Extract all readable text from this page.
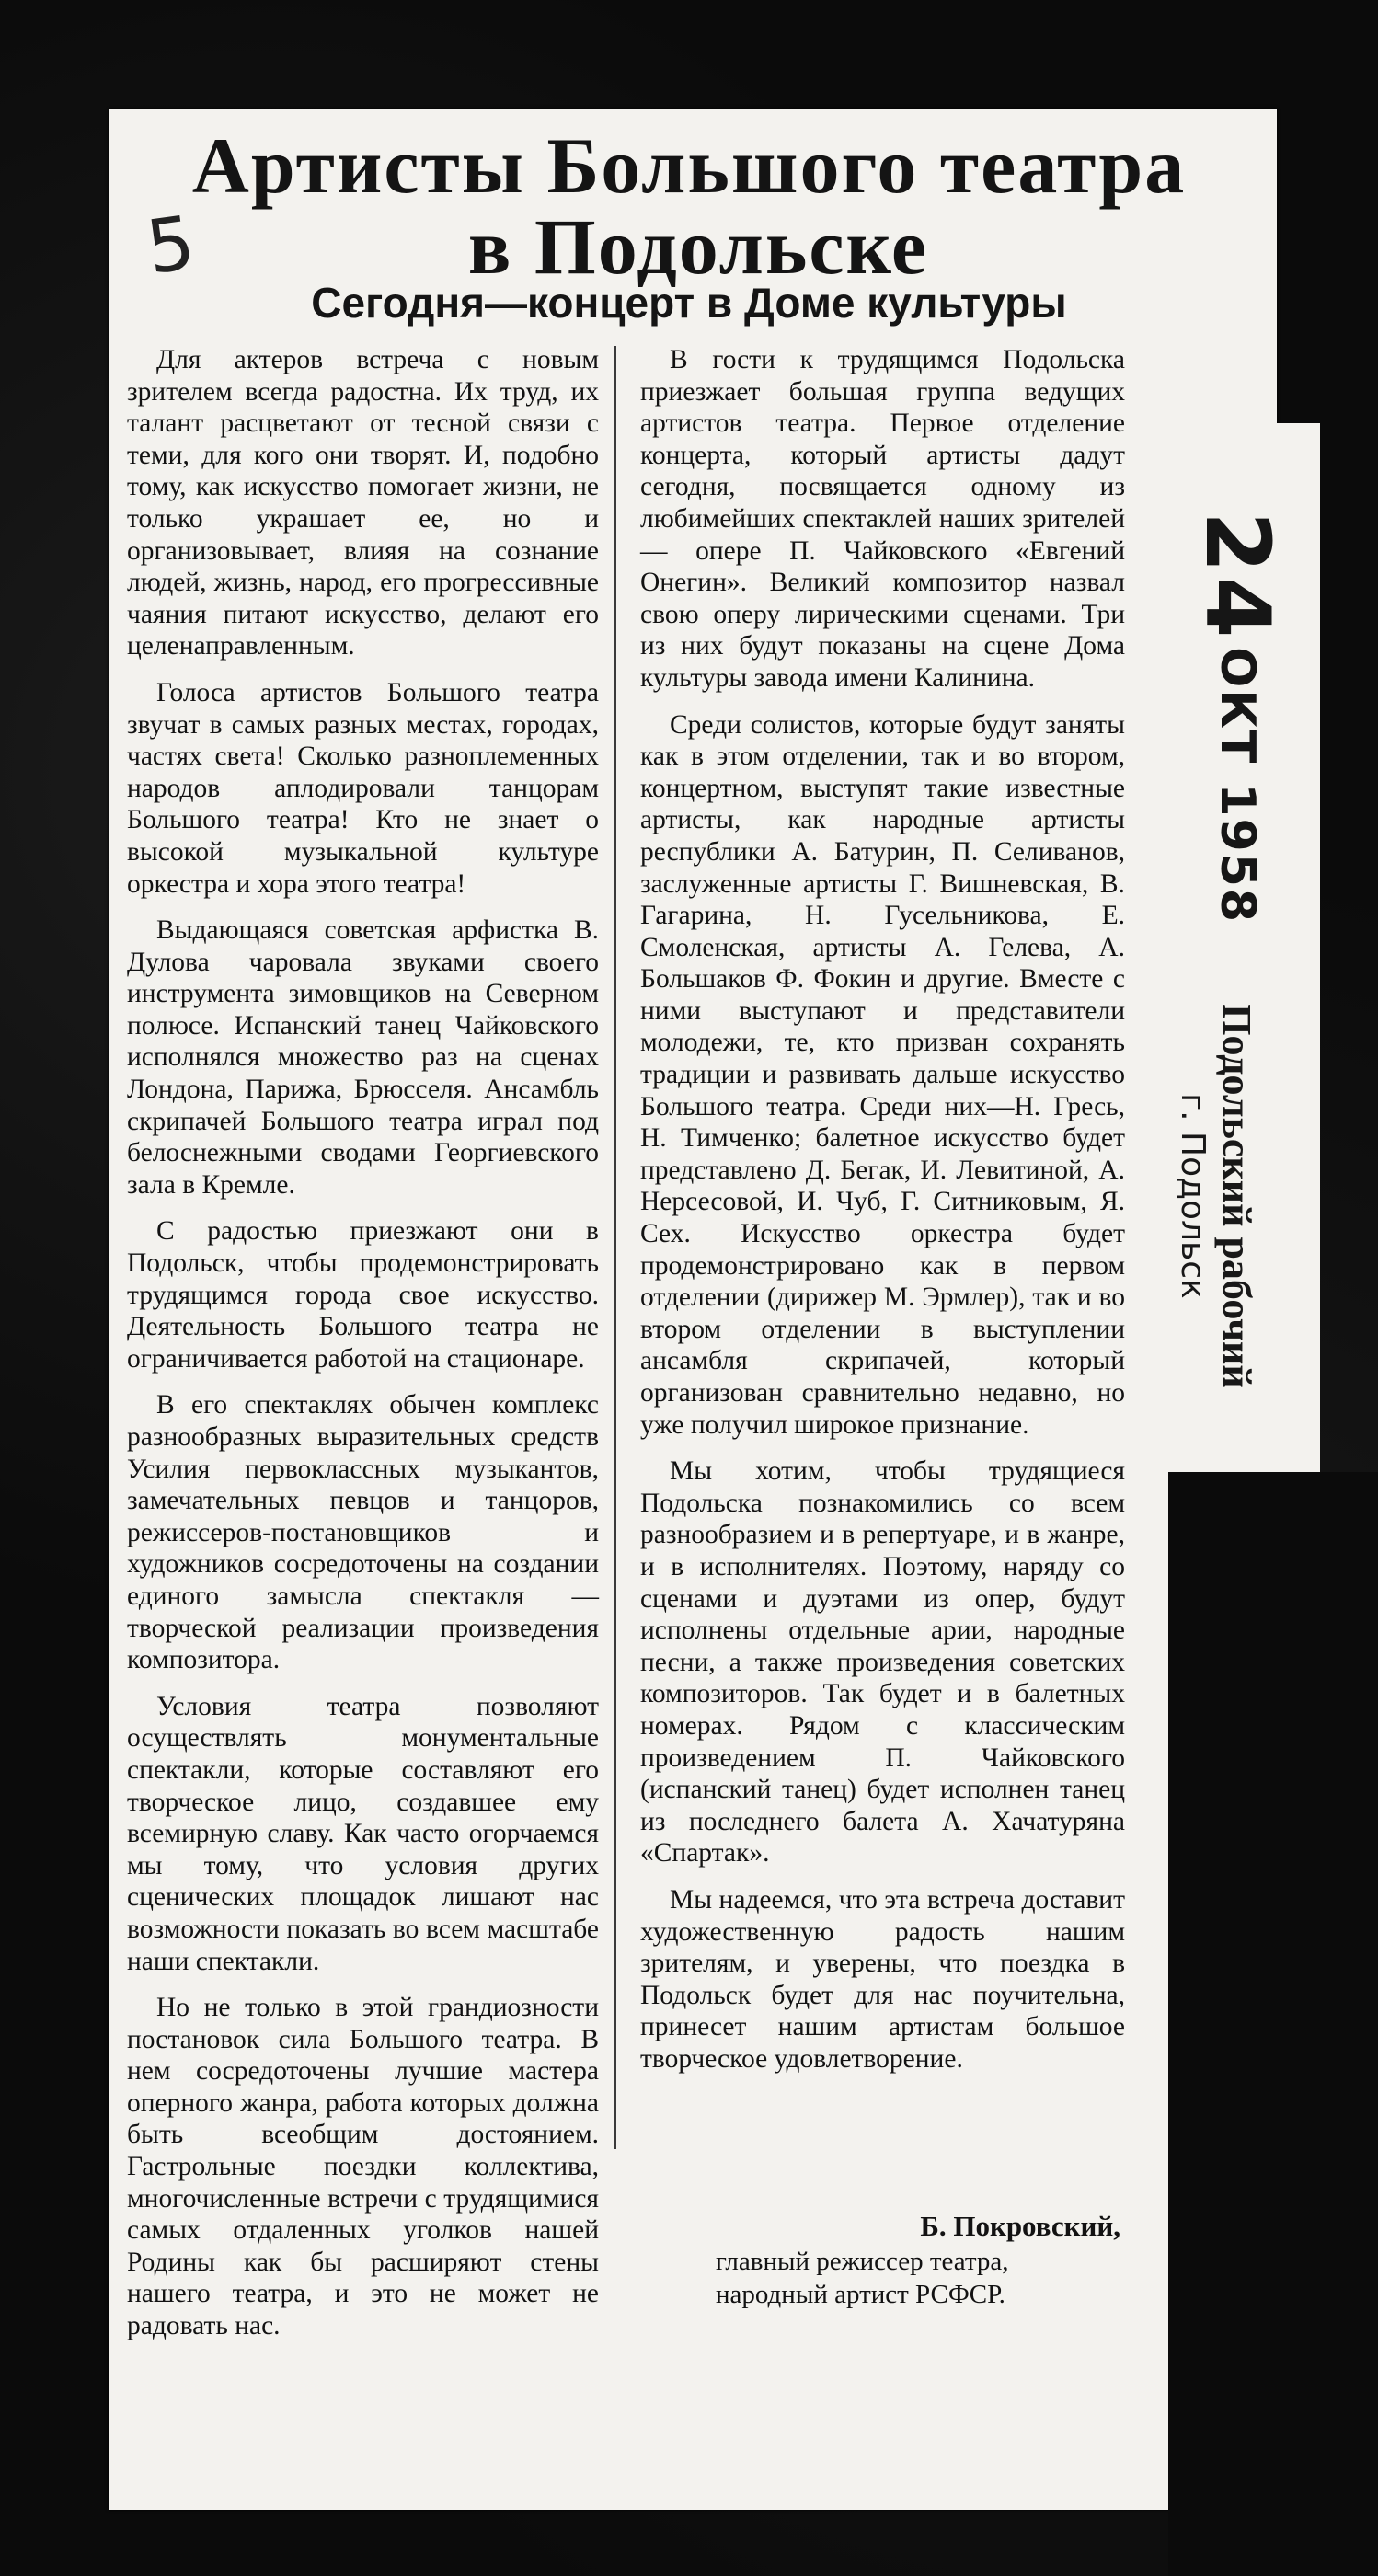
5
Артисты Большого театра
в Подольске
Сегодня—концерт в Доме культуры

Для актеров встреча с новым зрителем всегда радостна. Их труд, их талант расцветают от тесной связи с теми, для кого они творят. И, подобно тому, как искусство помогает жизни, не только украшает ее, но и организовывает, влияя на сознание людей, жизнь, народ, его прогрессивные чаяния питают искусство, делают его целенаправленным.

Голоса артистов Большого театра звучат в самых разных местах, городах, частях света! Сколько разноплеменных народов аплодировали танцорам Большого театра! Кто не знает о высокой музыкальной культуре оркестра и хора этого театра!

Выдающаяся советская арфистка В. Дулова чаровала звуками своего инструмента зимовщиков на Северном полюсе. Испанский танец Чайковского исполнялся множество раз на сценах Лондона, Парижа, Брюсселя. Ансамбль скрипачей Большого театра играл под белоснежными сводами Георгиевского зала в Кремле.

С радостью приезжают они в Подольск, чтобы продемонстрировать трудящимся города свое искусство. Деятельность Большого театра не ограничивается работой на стационаре.

В его спектаклях обычен комплекс разнообразных выразительных средств Усилия первоклассных музыкантов, замечательных певцов и танцоров, режиссеров-постановщиков и художников сосредоточены на создании единого замысла спектакля — творческой реализации произведения композитора.

Условия театра позволяют осуществлять монументальные спектакли, которые составляют его творческое лицо, создавшее ему всемирную славу. Как часто огорчаемся мы тому, что условия других сценических площадок лишают нас возможности показать во всем масштабе наши спектакли.

Но не только в этой грандиозности постановок сила Большого театра. В нем сосредоточены лучшие мастера оперного жанра, работа которых должна быть всеобщим достоянием. Гастрольные поездки коллектива, многочисленные встречи с трудящимися самых отдаленных уголков нашей Родины как бы расширяют стены нашего театра, и это не может не радовать нас.

В гости к трудящимся Подольска приезжает большая группа ведущих артистов театра. Первое отделение концерта, который артисты дадут сегодня, посвящается одному из любимейших спектаклей наших зрителей — опере П. Чайковского «Евгений Онегин». Великий композитор назвал свою оперу лирическими сценами. Три из них будут показаны на сцене Дома культуры завода имени Калинина.

Среди солистов, которые будут заняты как в этом отделении, так и во втором, концертном, выступят такие известные артисты, как народные артисты республики А. Батурин, П. Селиванов, заслуженные артисты Г. Вишневская, В. Гагарина, Н. Гусельникова, Е. Смоленская, артисты А. Гелева, А. Большаков Ф. Фокин и другие. Вместе с ними выступают и представители молодежи, те, кто призван сохранять традиции и развивать дальше искусство Большого театра. Среди них—Н. Гресь, Н. Тимченко; балетное искусство будет представлено Д. Бегак, И. Левитиной, А. Нерсесовой, И. Чуб, Г. Ситниковым, Я. Сех. Искусство оркестра будет продемонстрировано как в первом отделении (дирижер М. Эрмлер), так и во втором отделении в выступлении ансамбля скрипачей, который организован сравнительно недавно, но уже получил широкое признание.

Мы хотим, чтобы трудящиеся Подольска познакомились со всем разнообразием и в репертуаре, и в жанре, и в исполнителях. Поэтому, наряду со сценами и дуэтами из опер, будут исполнены отдельные арии, народные песни, а также произведения советских композиторов. Так будет и в балетных номерах. Рядом с классическим произведением П. Чайковского (испанский танец) будет исполнен танец из последнего балета А. Хачатуряна «Спартак».

Мы надеемся, что эта встреча доставит художественную радость нашим зрителям, и уверены, что поездка в Подольск будет для нас поучительна, принесет нашим артистам большое творческое удовлетворение.

Б. Покровский,
главный режиссер театра,
народный артист РСФСР.
24 ОКТ 1958
Подольский рабочий
г. Подольск
